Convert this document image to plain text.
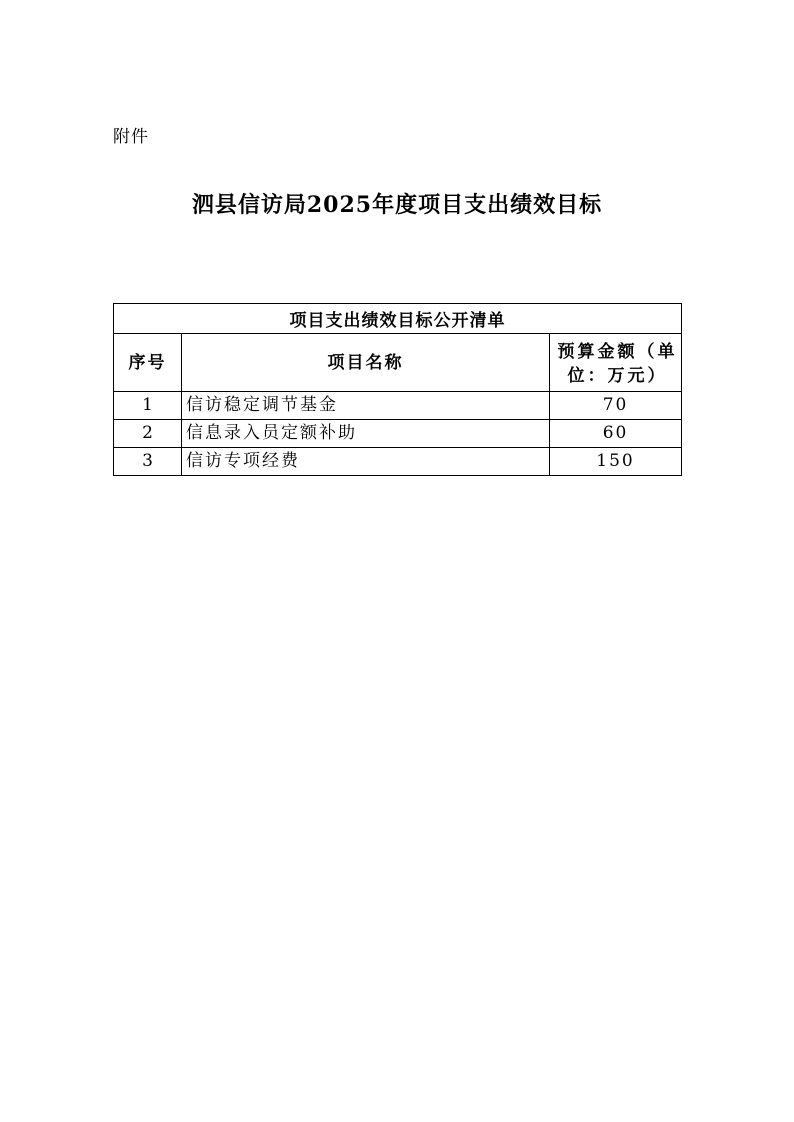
附件
泗县信访局2025年度项目支出绩效目标
项目支出绩效目标公开清单		
序号	项目名称	预算金额（单位：万元）
1	信访稳定调节基金	70
2	信息录入员定额补助	60
3	信访专项经费	150
